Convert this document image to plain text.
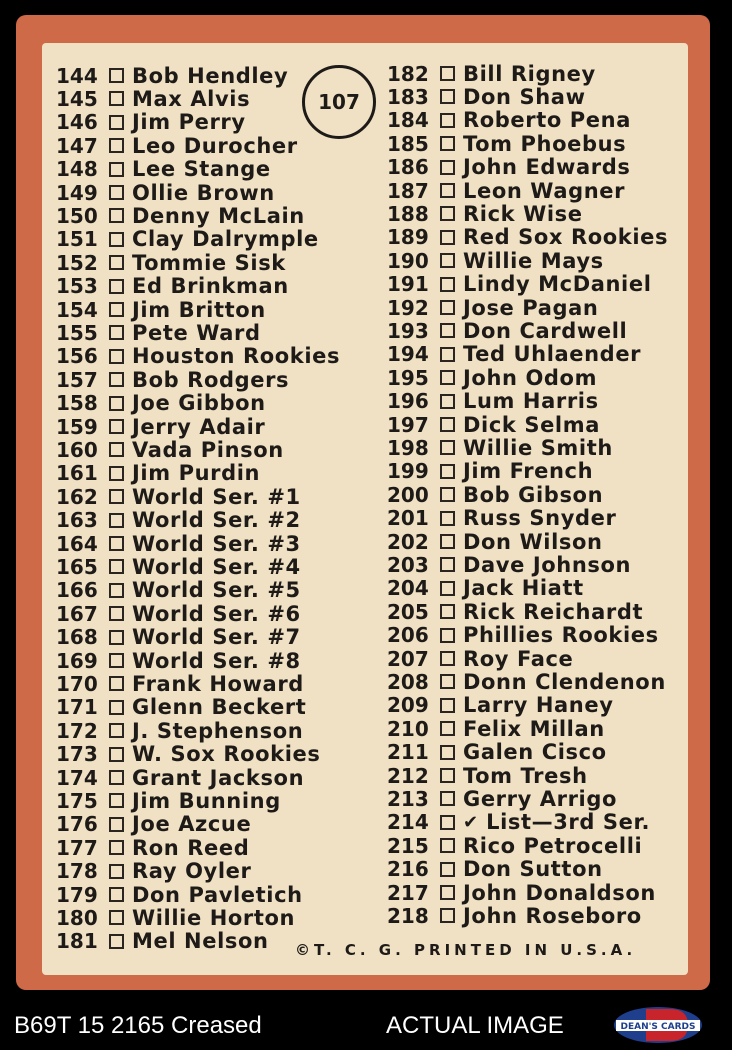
107
144 Bob Hendley
145 Max Alvis
146 Jim Perry
147 Leo Durocher
148 Lee Stange
149 Ollie Brown
150 Denny McLain
151 Clay Dalrymple
152 Tommie Sisk
153 Ed Brinkman
154 Jim Britton
155 Pete Ward
156 Houston Rookies
157 Bob Rodgers
158 Joe Gibbon
159 Jerry Adair
160 Vada Pinson
161 Jim Purdin
162 World Ser. #1
163 World Ser. #2
164 World Ser. #3
165 World Ser. #4
166 World Ser. #5
167 World Ser. #6
168 World Ser. #7
169 World Ser. #8
170 Frank Howard
171 Glenn Beckert
172 J. Stephenson
173 W. Sox Rookies
174 Grant Jackson
175 Jim Bunning
176 Joe Azcue
177 Ron Reed
178 Ray Oyler
179 Don Pavletich
180 Willie Horton
181 Mel Nelson
182 Bill Rigney
183 Don Shaw
184 Roberto Pena
185 Tom Phoebus
186 John Edwards
187 Leon Wagner
188 Rick Wise
189 Red Sox Rookies
190 Willie Mays
191 Lindy McDaniel
192 Jose Pagan
193 Don Cardwell
194 Ted Uhlaender
195 John Odom
196 Lum Harris
197 Dick Selma
198 Willie Smith
199 Jim French
200 Bob Gibson
201 Russ Snyder
202 Don Wilson
203 Dave Johnson
204 Jack Hiatt
205 Rick Reichardt
206 Phillies Rookies
207 Roy Face
208 Donn Clendenon
209 Larry Haney
210 Felix Millan
211 Galen Cisco
212 Tom Tresh
213 Gerry Arrigo
214 ✔ List—3rd Ser.
215 Rico Petrocelli
216 Don Sutton
217 John Donaldson
218 John Roseboro
©T. C. G. PRINTED IN U.S.A.
B69T 15 2165 Creased	ACTUAL IMAGE	DEAN'S CARDS
